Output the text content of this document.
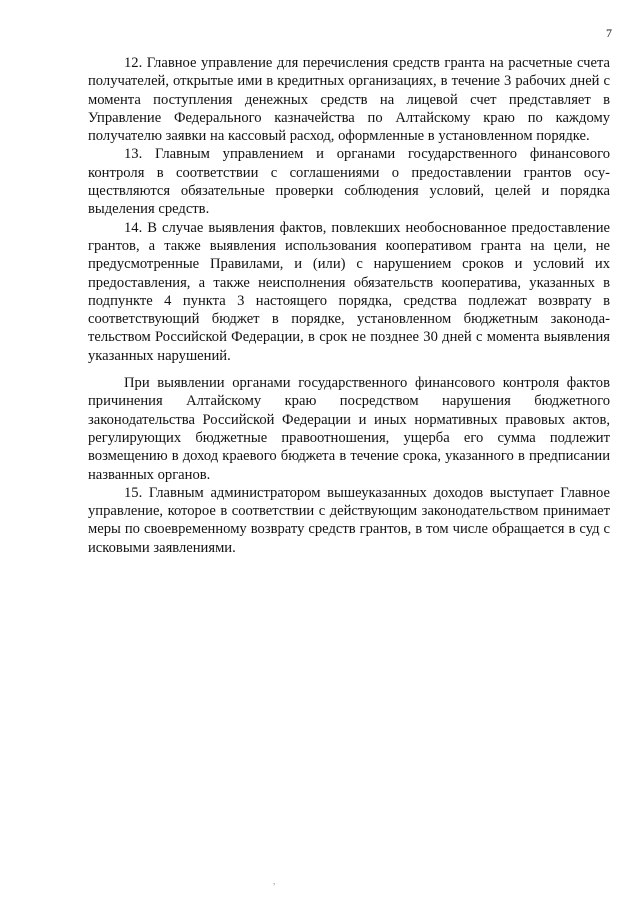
7

12. Главное управление для перечисления средств гранта на расчетные счета получателей, открытые ими в кредитных организациях, в течение 3 рабочих дней с момента поступления денежных средств на лицевой счет представляет в Управление Федерального казначейства по Алтайскому краю по каждому получателю заявки на кассовый расход, оформленные в установленном порядке.

13. Главным управлением и органами государственного финансового контроля в соответствии с соглашениями о предоставлении грантов осуществляются обязательные проверки соблюдения условий, целей и порядка выделения средств.

14. В случае выявления фактов, повлекших необоснованное предоставление грантов, а также выявления использования кооперативом гранта на цели, не предусмотренные Правилами, и (или) с нарушением сроков и условий их предоставления, а также неисполнения обязательств кооператива, указанных в подпункте 4 пункта 3 настоящего порядка, средства подлежат возврату в соответствующий бюджет в порядке, установленном бюджетным законодательством Российской Федерации, в срок не позднее 30 дней с момента выявления указанных нарушений.

При выявлении органами государственного финансового контроля фактов причинения Алтайскому краю посредством нарушения бюджетного законодательства Российской Федерации и иных нормативных правовых актов, регулирующих бюджетные правоотношения, ущерба его сумма подлежит возмещению в доход краевого бюджета в течение срока, указанного в предписании названных органов.

15. Главным администратором вышеуказанных доходов выступает Главное управление, которое в соответствии с действующим законодательством принимает меры по своевременному возврату средств грантов, в том числе обращается в суд с исковыми заявлениями.

,
